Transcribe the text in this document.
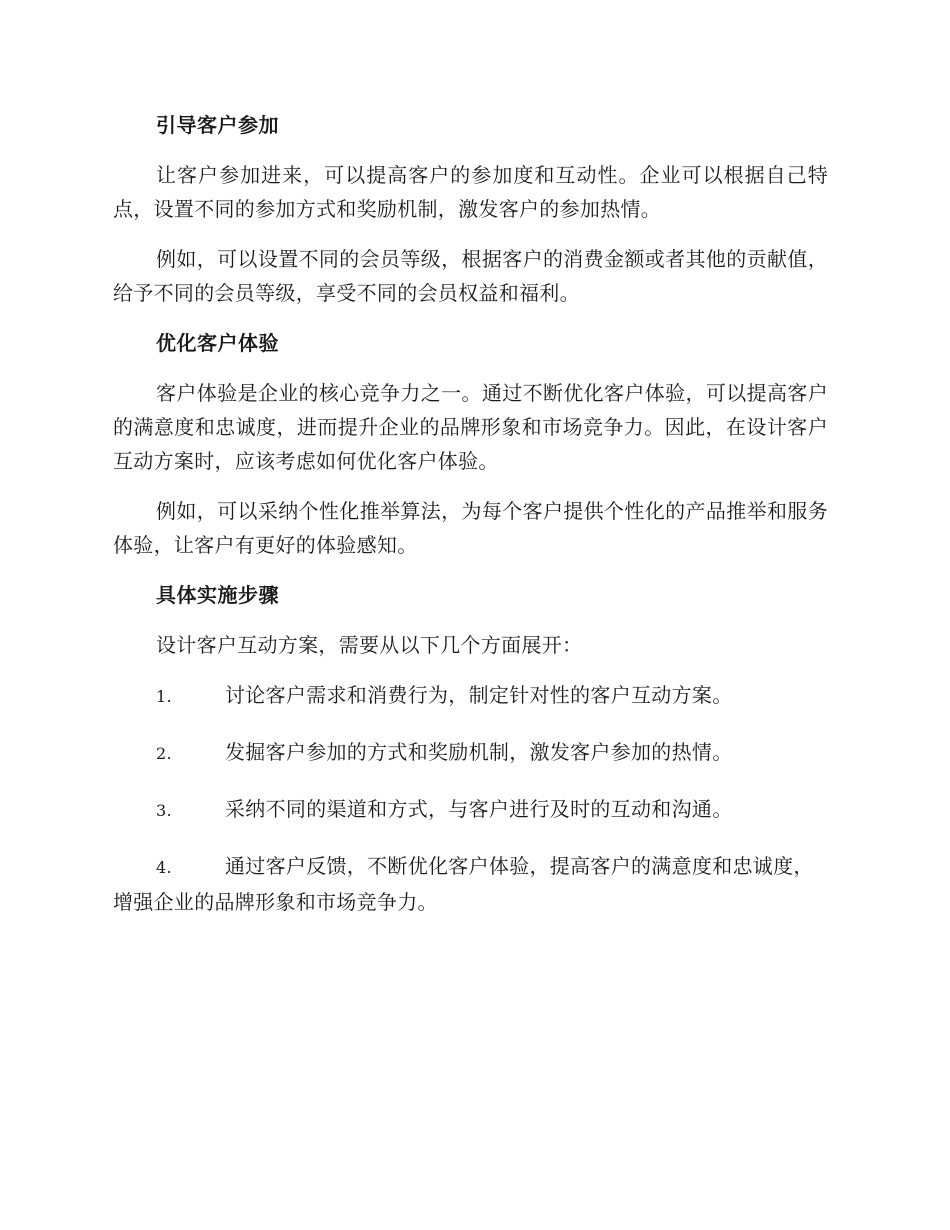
引导客户参加

让客户参加进来，可以提高客户的参加度和互动性。企业可以根据自己特点，设置不同的参加方式和奖励机制，激发客户的参加热情。

例如，可以设置不同的会员等级，根据客户的消费金额或者其他的贡献值，给予不同的会员等级，享受不同的会员权益和福利。

优化客户体验

客户体验是企业的核心竞争力之一。通过不断优化客户体验，可以提高客户的满意度和忠诚度，进而提升企业的品牌形象和市场竞争力。因此，在设计客户互动方案时，应该考虑如何优化客户体验。

例如，可以采纳个性化推举算法，为每个客户提供个性化的产品推举和服务体验，让客户有更好的体验感知。

具体实施步骤

设计客户互动方案，需要从以下几个方面展开：

1.	讨论客户需求和消费行为，制定针对性的客户互动方案。

2.	发掘客户参加的方式和奖励机制，激发客户参加的热情。

3.	采纳不同的渠道和方式，与客户进行及时的互动和沟通。

4.	通过客户反馈，不断优化客户体验，提高客户的满意度和忠诚度，增强企业的品牌形象和市场竞争力。
